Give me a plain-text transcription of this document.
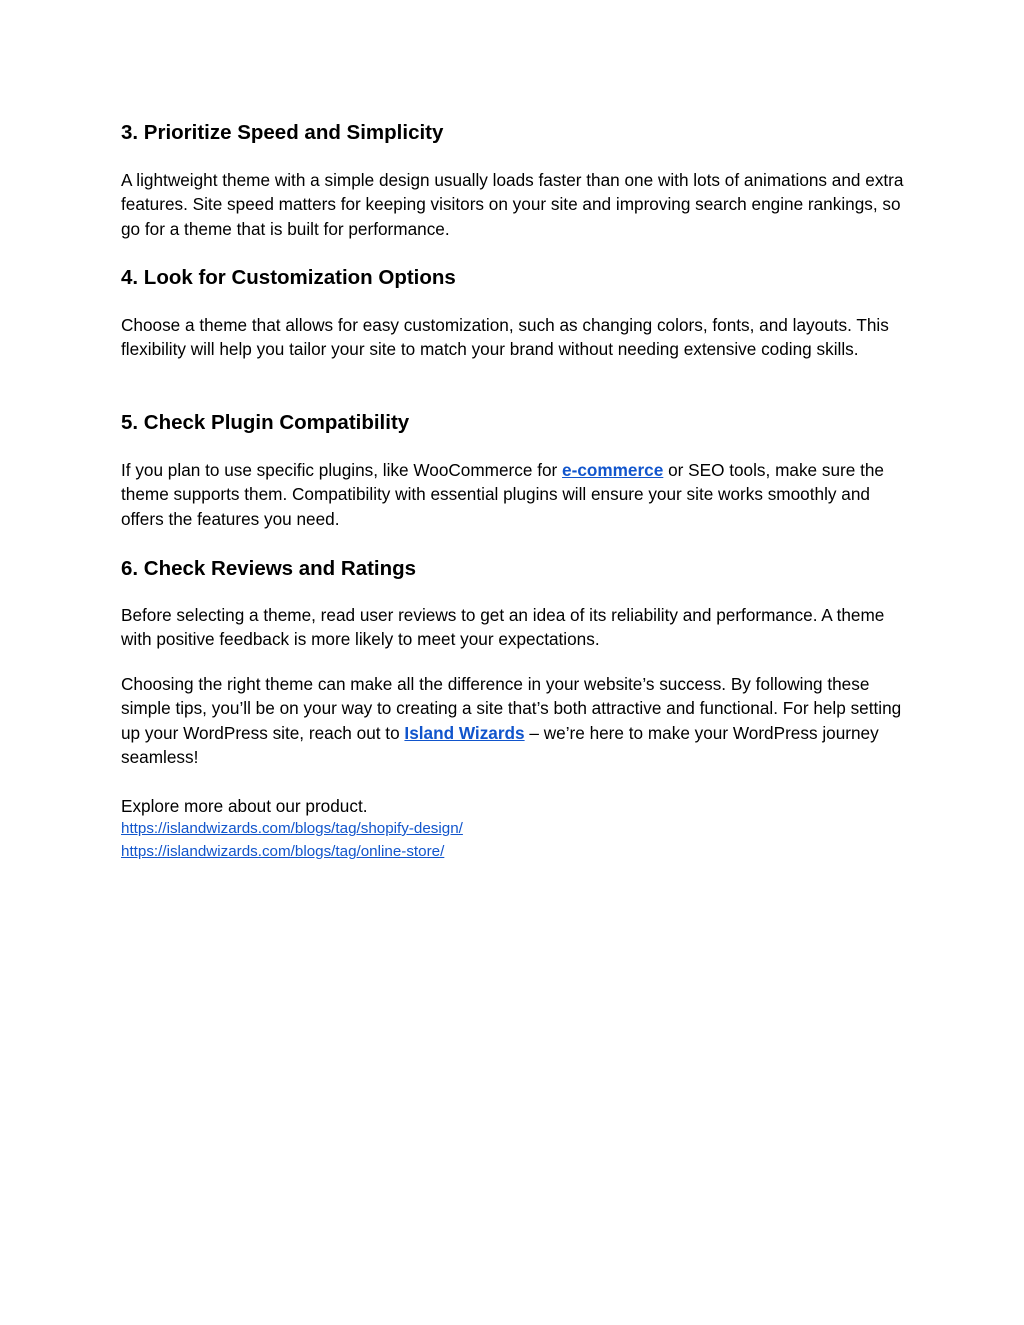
3. Prioritize Speed and Simplicity

A lightweight theme with a simple design usually loads faster than one with lots of animations and extra features. Site speed matters for keeping visitors on your site and improving search engine rankings, so go for a theme that is built for performance.

4. Look for Customization Options

Choose a theme that allows for easy customization, such as changing colors, fonts, and layouts. This flexibility will help you tailor your site to match your brand without needing extensive coding skills.

5. Check Plugin Compatibility

If you plan to use specific plugins, like WooCommerce for e-commerce or SEO tools, make sure the theme supports them. Compatibility with essential plugins will ensure your site works smoothly and offers the features you need.

6. Check Reviews and Ratings

Before selecting a theme, read user reviews to get an idea of its reliability and performance. A theme with positive feedback is more likely to meet your expectations.

Choosing the right theme can make all the difference in your website’s success. By following these simple tips, you’ll be on your way to creating a site that’s both attractive and functional. For help setting up your WordPress site, reach out to Island Wizards – we’re here to make your WordPress journey seamless!

Explore more about our product.

https://islandwizards.com/blogs/tag/shopify-design/
https://islandwizards.com/blogs/tag/online-store/
